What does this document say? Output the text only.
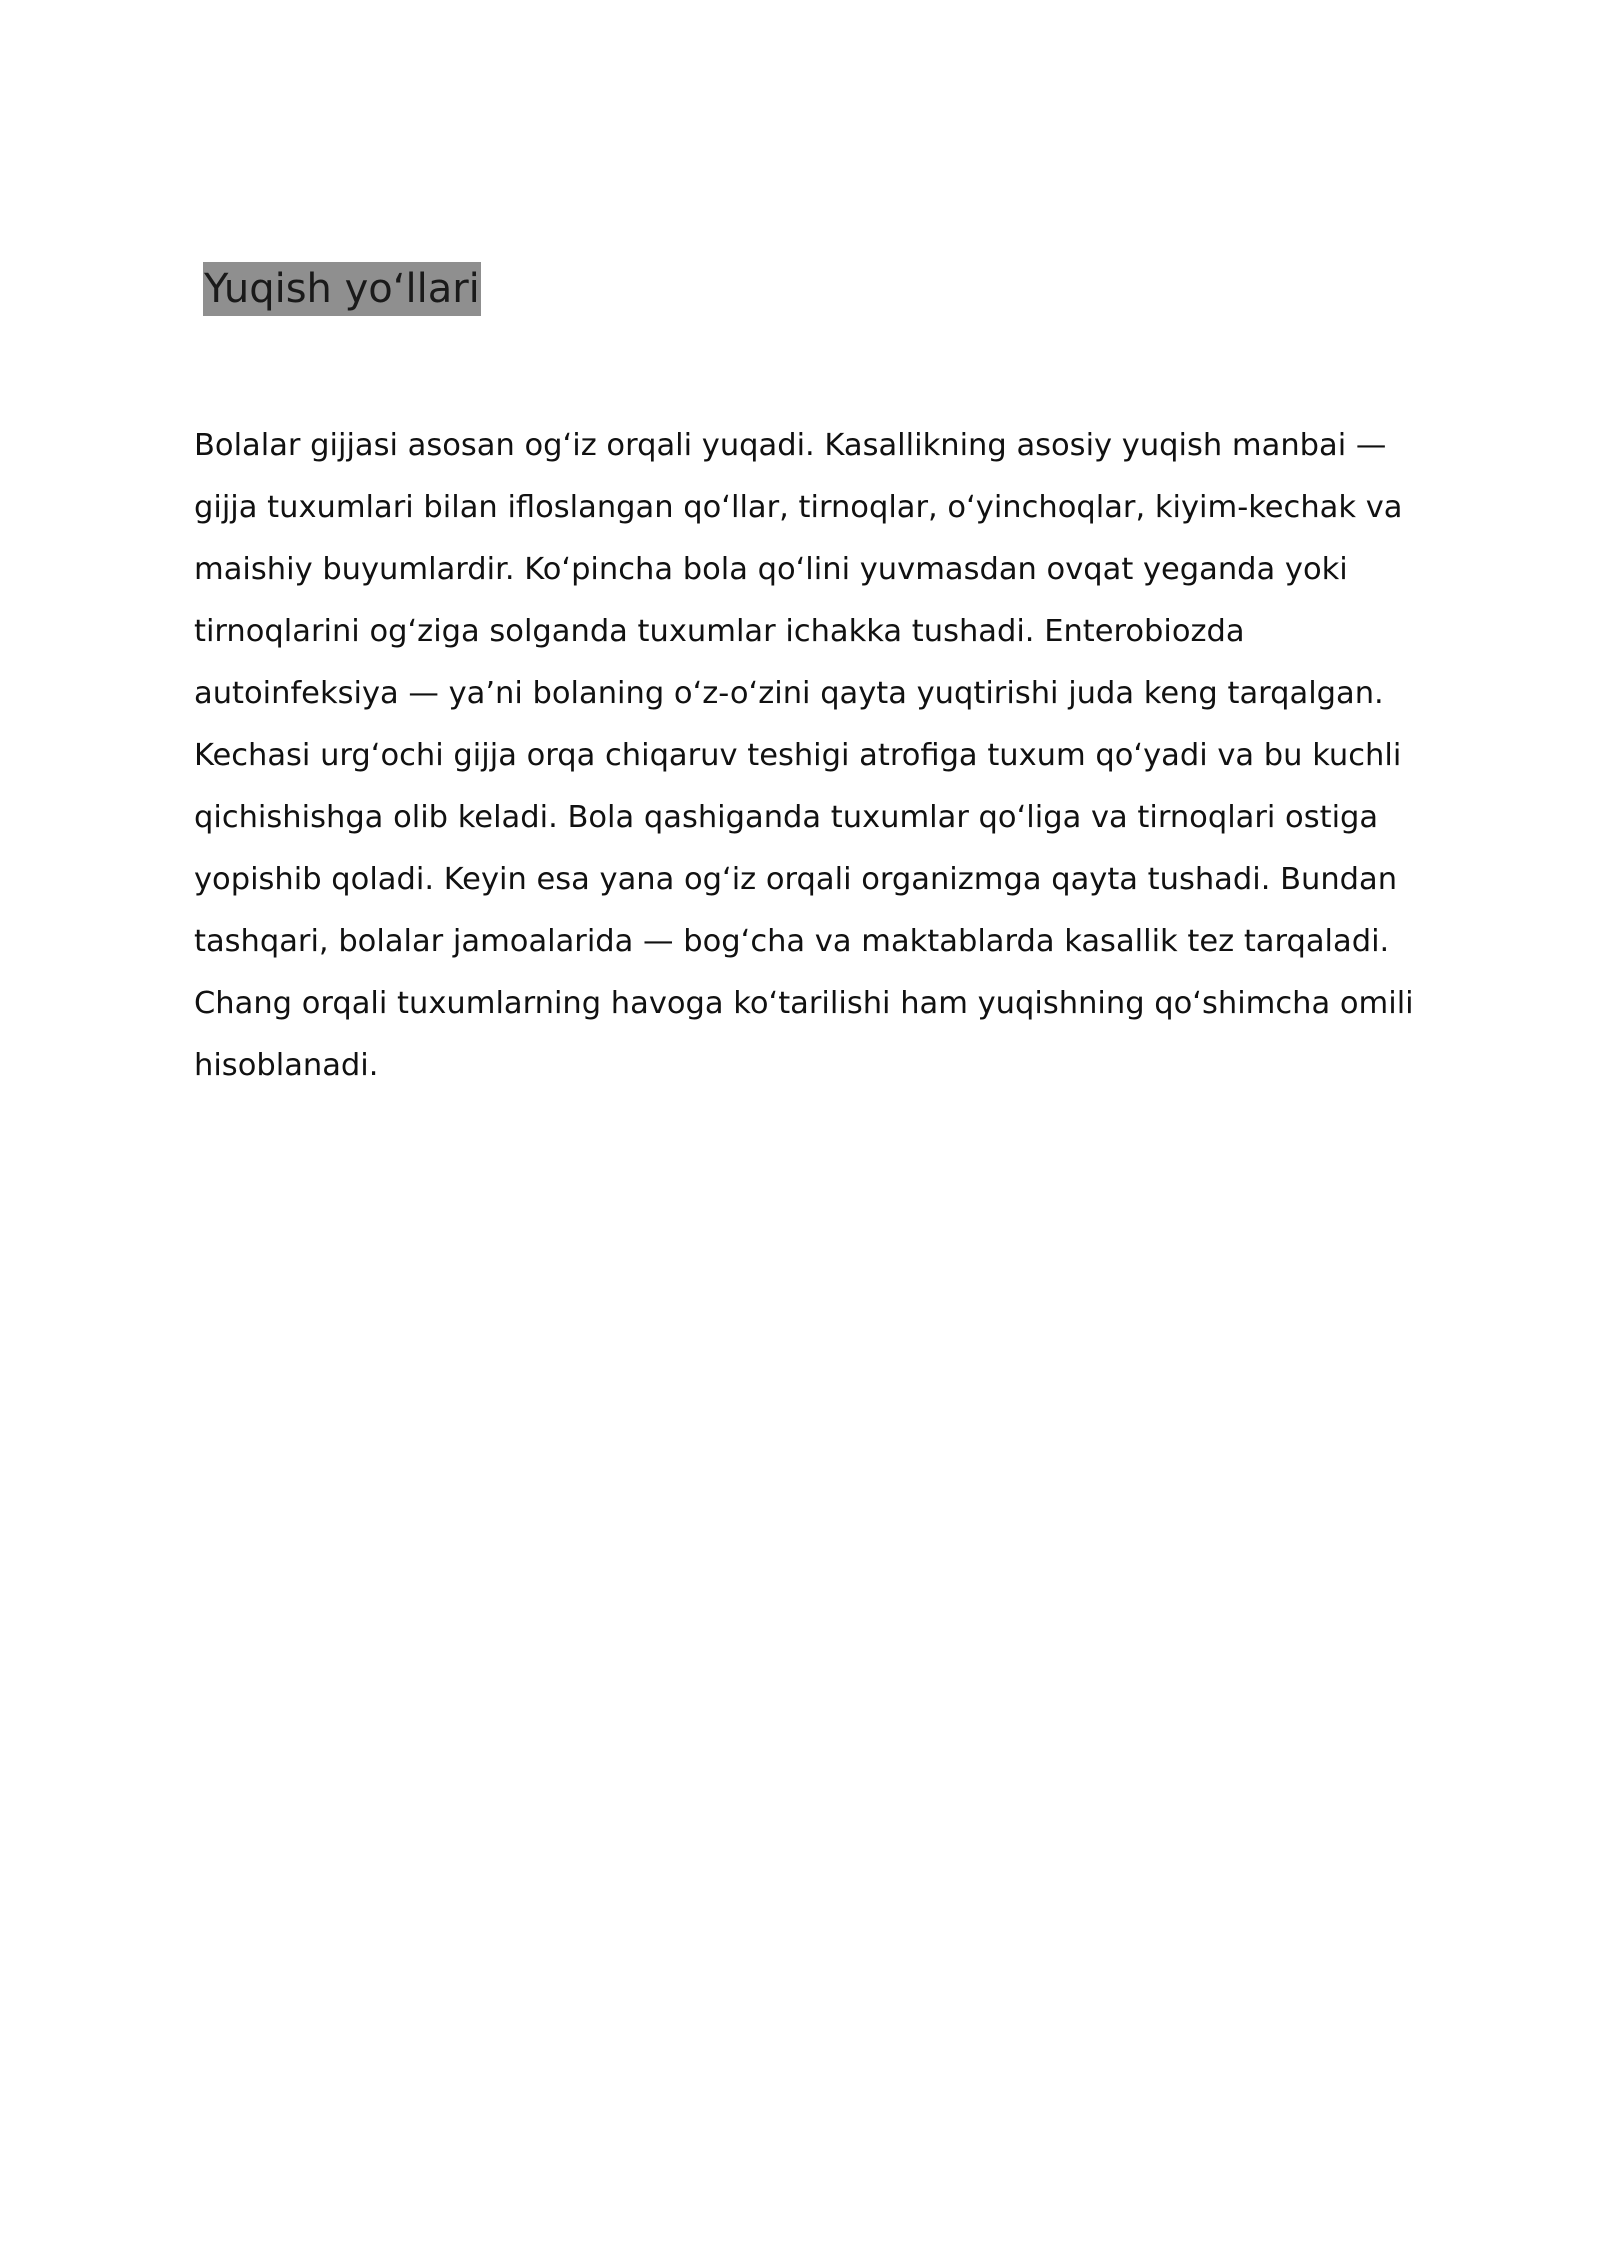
Yuqish yo‘llari

Bolalar gijjasi asosan og‘iz orqali yuqadi. Kasallikning asosiy yuqish manbai — gijja tuxumlari bilan ifloslangan qo‘llar, tirnoqlar, o‘yinchoqlar, kiyim-kechak va maishiy buyumlardir. Ko‘pincha bola qo‘lini yuvmasdan ovqat yeganda yoki tirnoqlarini og‘ziga solganda tuxumlar ichakka tushadi. Enterobiozda autoinfeksiya — ya’ni bolaning o‘z-o‘zini qayta yuqtirishi juda keng tarqalgan. Kechasi urg‘ochi gijja orqa chiqaruv teshigi atrofiga tuxum qo‘yadi va bu kuchli qichishishga olib keladi. Bola qashiganda tuxumlar qo‘liga va tirnoqlari ostiga yopishib qoladi. Keyin esa yana og‘iz orqali organizmga qayta tushadi. Bundan tashqari, bolalar jamoalarida — bog‘cha va maktablarda kasallik tez tarqaladi. Chang orqali tuxumlarning havoga ko‘tarilishi ham yuqishning qo‘shimcha omili hisoblanadi.
